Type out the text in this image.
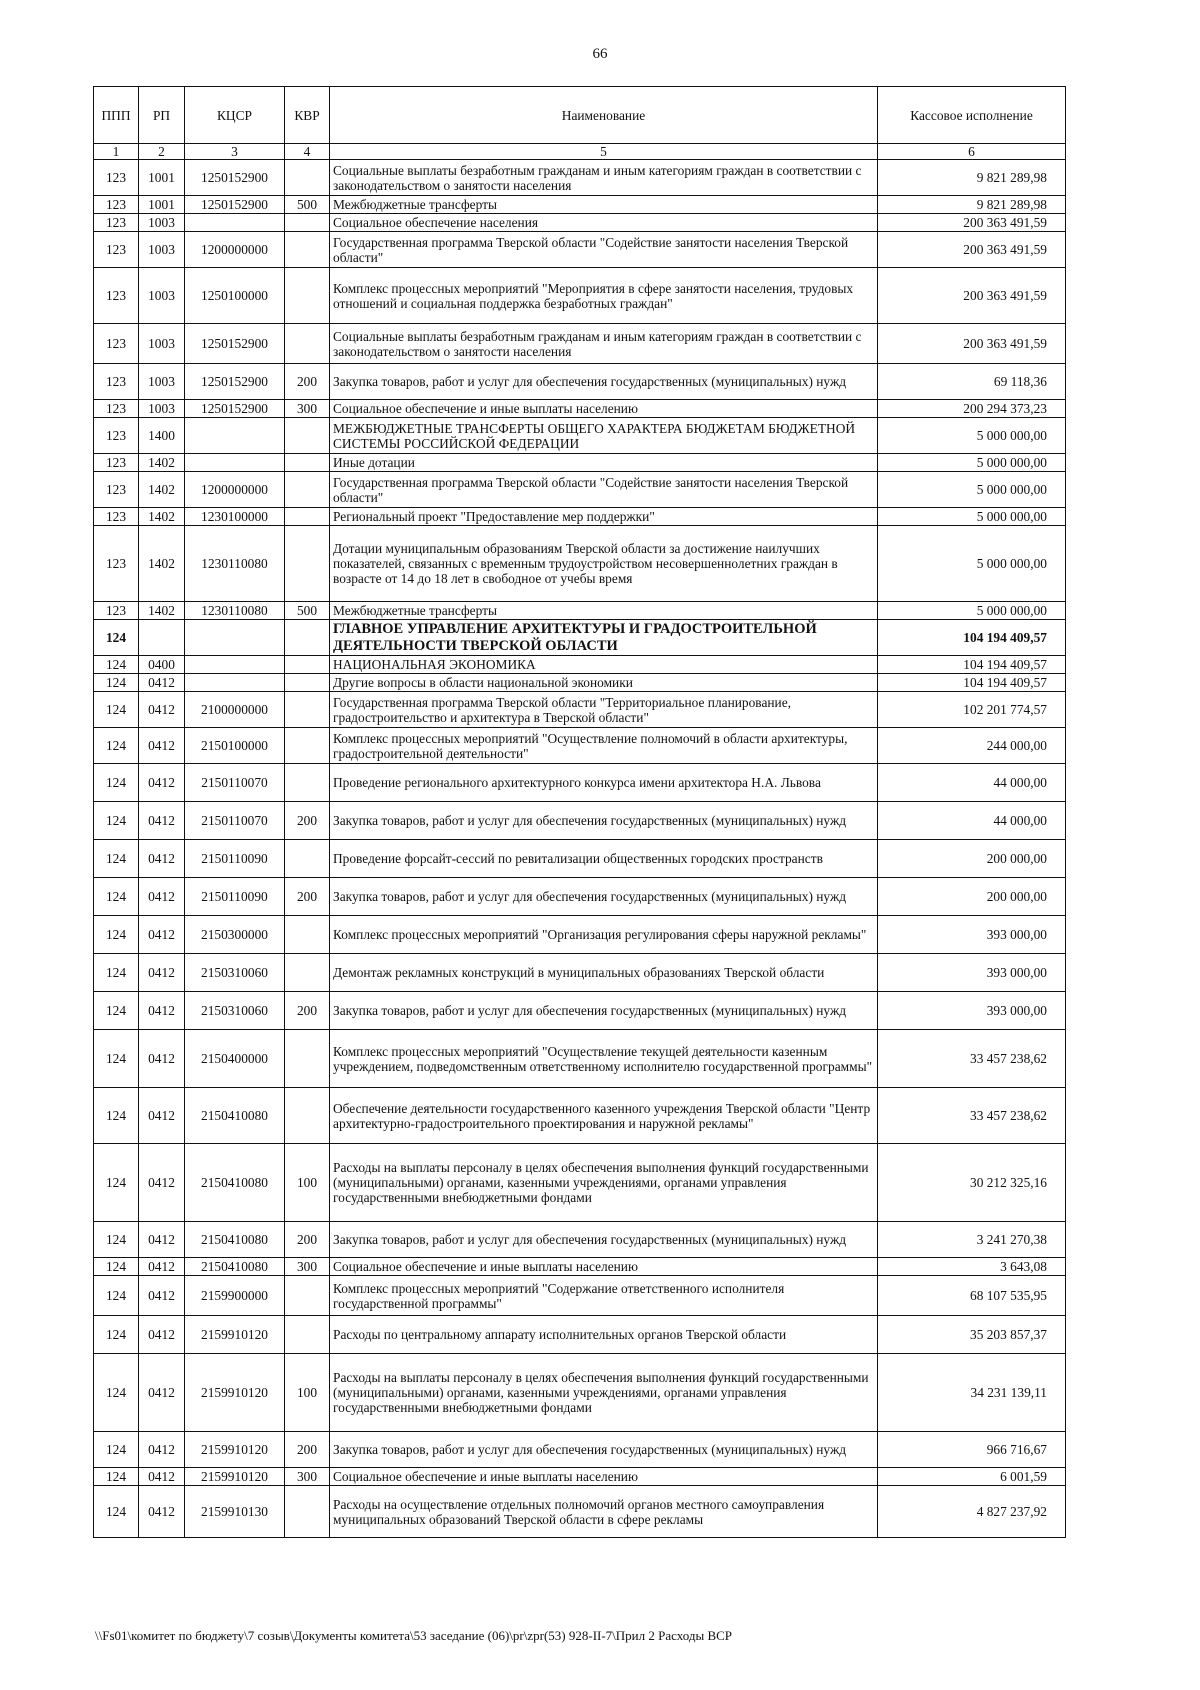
66
ППП	РП	КЦСР	КВР	Наименование	Кассовое исполнение
1	2	3	4	5	6
123	1001	1250152900		Социальные выплаты безработным гражданам и иным категориям граждан в соответствии с законодательством о занятости населения	9 821 289,98
123	1001	1250152900	500	Межбюджетные трансферты	9 821 289,98
123	1003			Социальное обеспечение населения	200 363 491,59
123	1003	1200000000		Государственная программа Тверской области "Содействие занятости населения Тверской области"	200 363 491,59
123	1003	1250100000		Комплекс процессных мероприятий "Мероприятия в сфере занятости населения, трудовых отношений и социальная поддержка безработных граждан"	200 363 491,59
123	1003	1250152900		Социальные выплаты безработным гражданам и иным категориям граждан в соответствии с законодательством о занятости населения	200 363 491,59
123	1003	1250152900	200	Закупка товаров, работ и услуг для обеспечения государственных (муниципальных) нужд	69 118,36
123	1003	1250152900	300	Социальное обеспечение и иные выплаты населению	200 294 373,23
123	1400			МЕЖБЮДЖЕТНЫЕ ТРАНСФЕРТЫ ОБЩЕГО ХАРАКТЕРА БЮДЖЕТАМ БЮДЖЕТНОЙ СИСТЕМЫ РОССИЙСКОЙ ФЕДЕРАЦИИ	5 000 000,00
123	1402			Иные дотации	5 000 000,00
123	1402	1200000000		Государственная программа Тверской области "Содействие занятости населения Тверской области"	5 000 000,00
123	1402	1230100000		Региональный проект "Предоставление мер поддержки"	5 000 000,00
123	1402	1230110080		Дотации муниципальным образованиям Тверской области за достижение наилучших показателей, связанных с временным трудоустройством несовершеннолетних граждан в возрасте от 14 до 18 лет в свободное от учебы время	5 000 000,00
123	1402	1230110080	500	Межбюджетные трансферты	5 000 000,00
124				ГЛАВНОЕ УПРАВЛЕНИЕ АРХИТЕКТУРЫ И ГРАДОСТРОИТЕЛЬНОЙ ДЕЯТЕЛЬНОСТИ ТВЕРСКОЙ ОБЛАСТИ	104 194 409,57
124	0400			НАЦИОНАЛЬНАЯ ЭКОНОМИКА	104 194 409,57
124	0412			Другие вопросы в области национальной экономики	104 194 409,57
124	0412	2100000000		Государственная программа Тверской области "Территориальное планирование, градостроительство и архитектура в Тверской области"	102 201 774,57
124	0412	2150100000		Комплекс процессных мероприятий "Осуществление полномочий в области архитектуры, градостроительной деятельности"	244 000,00
124	0412	2150110070		Проведение регионального архитектурного конкурса имени архитектора Н.А. Львова	44 000,00
124	0412	2150110070	200	Закупка товаров, работ и услуг для обеспечения государственных (муниципальных) нужд	44 000,00
124	0412	2150110090		Проведение форсайт-сессий по ревитализации общественных городских пространств	200 000,00
124	0412	2150110090	200	Закупка товаров, работ и услуг для обеспечения государственных (муниципальных) нужд	200 000,00
124	0412	2150300000		Комплекс процессных мероприятий "Организация регулирования сферы наружной рекламы"	393 000,00
124	0412	2150310060		Демонтаж рекламных конструкций в муниципальных образованиях Тверской области	393 000,00
124	0412	2150310060	200	Закупка товаров, работ и услуг для обеспечения государственных (муниципальных) нужд	393 000,00
124	0412	2150400000		Комплекс процессных мероприятий "Осуществление текущей деятельности казенным учреждением, подведомственным ответственному исполнителю государственной программы"	33 457 238,62
124	0412	2150410080		Обеспечение деятельности государственного казенного учреждения Тверской области "Центр архитектурно-градостроительного проектирования и наружной рекламы"	33 457 238,62
124	0412	2150410080	100	Расходы на выплаты персоналу в целях обеспечения выполнения функций государственными (муниципальными) органами, казенными учреждениями, органами управления государственными внебюджетными фондами	30 212 325,16
124	0412	2150410080	200	Закупка товаров, работ и услуг для обеспечения государственных (муниципальных) нужд	3 241 270,38
124	0412	2150410080	300	Социальное обеспечение и иные выплаты населению	3 643,08
124	0412	2159900000		Комплекс процессных мероприятий "Содержание ответственного исполнителя государственной программы"	68 107 535,95
124	0412	2159910120		Расходы по центральному аппарату исполнительных органов Тверской области	35 203 857,37
124	0412	2159910120	100	Расходы на выплаты персоналу в целях обеспечения выполнения функций государственными (муниципальными) органами, казенными учреждениями, органами управления государственными внебюджетными фондами	34 231 139,11
124	0412	2159910120	200	Закупка товаров, работ и услуг для обеспечения государственных (муниципальных) нужд	966 716,67
124	0412	2159910120	300	Социальное обеспечение и иные выплаты населению	6 001,59
124	0412	2159910130		Расходы на осуществление отдельных полномочий органов местного самоуправления муниципальных образований Тверской области в сфере рекламы	4 827 237,92
\\Fs01\комитет по бюджету\7 созыв\Документы комитета\53 заседание (06)\pr\zpr(53) 928-II-7\Прил 2 Расходы ВСР
